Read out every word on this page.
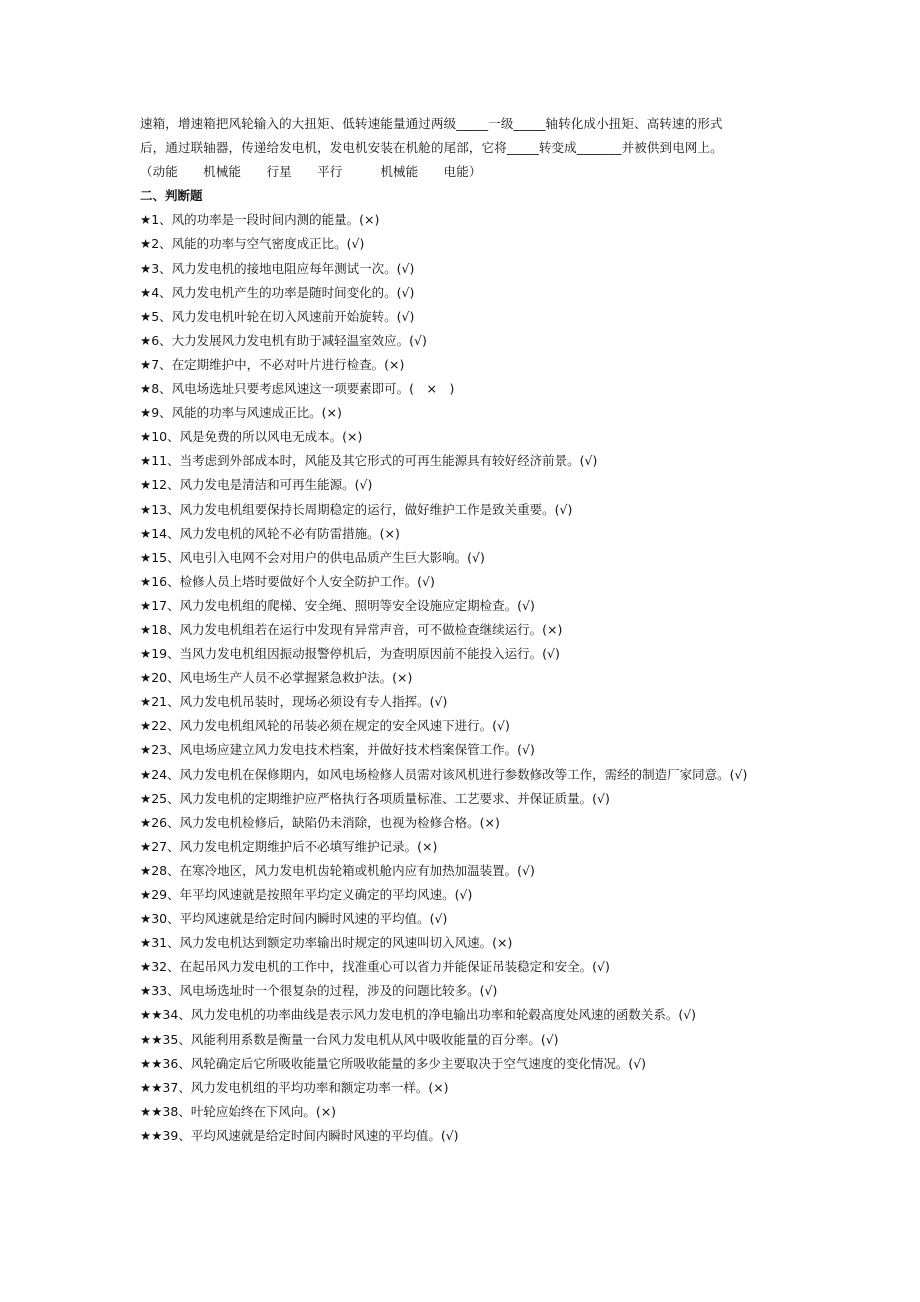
速箱，增速箱把风轮输入的大扭矩、低转速能量通过两级_____一级_____轴转化成小扭矩、高转速的形式
后，通过联轴器，传递给发电机，发电机安装在机舱的尾部，它将_____转变成_______并被供到电网上。
（动能　　机械能　　行星　　平行　　　机械能　　电能）
二、判断题
★1、风的功率是一段时间内测的能量。(×)
★2、风能的功率与空气密度成正比。(√)
★3、风力发电机的接地电阻应每年测试一次。(√)
★4、风力发电机产生的功率是随时间变化的。(√)
★5、风力发电机叶轮在切入风速前开始旋转。(√)
★6、大力发展风力发电机有助于减轻温室效应。(√)
★7、在定期维护中，不必对叶片进行检查。(×)
★8、风电场选址只要考虑风速这一项要素即可。(　×　)
★9、风能的功率与风速成正比。(×)
★10、风是免费的所以风电无成本。(×)
★11、当考虑到外部成本时，风能及其它形式的可再生能源具有较好经济前景。(√)
★12、风力发电是清洁和可再生能源。(√)
★13、风力发电机组要保持长周期稳定的运行，做好维护工作是致关重要。(√)
★14、风力发电机的风轮不必有防雷措施。(×)
★15、风电引入电网不会对用户的供电品质产生巨大影响。(√)
★16、检修人员上塔时要做好个人安全防护工作。(√)
★17、风力发电机组的爬梯、安全绳、照明等安全设施应定期检查。(√)
★18、风力发电机组若在运行中发现有异常声音，可不做检查继续运行。(×)
★19、当风力发电机组因振动报警停机后，为查明原因前不能投入运行。(√)
★20、风电场生产人员不必掌握紧急救护法。(×)
★21、风力发电机吊装时，现场必须设有专人指挥。(√)
★22、风力发电机组风轮的吊装必须在规定的安全风速下进行。(√)
★23、风电场应建立风力发电技术档案，并做好技术档案保管工作。(√)
★24、风力发电机在保修期内，如风电场检修人员需对该风机进行参数修改等工作，需经的制造厂家同意。(√)
★25、风力发电机的定期维护应严格执行各项质量标准、工艺要求、并保证质量。(√)
★26、风力发电机检修后，缺陷仍未消除，也视为检修合格。(×)
★27、风力发电机定期维护后不必填写维护记录。(×)
★28、在寒冷地区，风力发电机齿轮箱或机舱内应有加热加温装置。(√)
★29、年平均风速就是按照年平均定义确定的平均风速。(√)
★30、平均风速就是给定时间内瞬时风速的平均值。(√)
★31、风力发电机达到额定功率输出时规定的风速叫切入风速。(×)
★32、在起吊风力发电机的工作中，找准重心可以省力并能保证吊装稳定和安全。(√)
★33、风电场选址时一个很复杂的过程，涉及的问题比较多。(√)
★★34、风力发电机的功率曲线是表示风力发电机的净电输出功率和轮毂高度处风速的函数关系。(√)
★★35、风能利用系数是衡量一台风力发电机从风中吸收能量的百分率。(√)
★★36、风轮确定后它所吸收能量它所吸收能量的多少主要取决于空气速度的变化情况。(√)
★★37、风力发电机组的平均功率和额定功率一样。(×)
★★38、叶轮应始终在下风向。(×)
★★39、平均风速就是给定时间内瞬时风速的平均值。(√)
